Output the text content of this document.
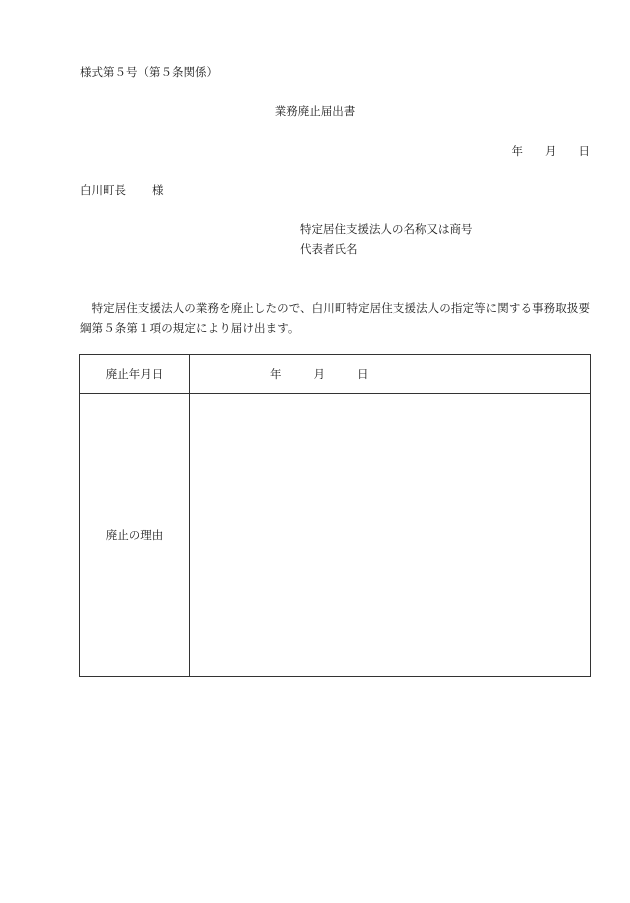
様式第５号（第５条関係）
業務廃止届出書

年 月 日
白川町長 様
特定居住支援法人の名称又は商号
代表者氏名
特定居住支援法人の業務を廃止したので、白川町特定居住支援法人の指定等に関する事務取扱要綱第５条第１項の規定により届け出ます。
廃止年月日	年 月 日
廃止の理由	
